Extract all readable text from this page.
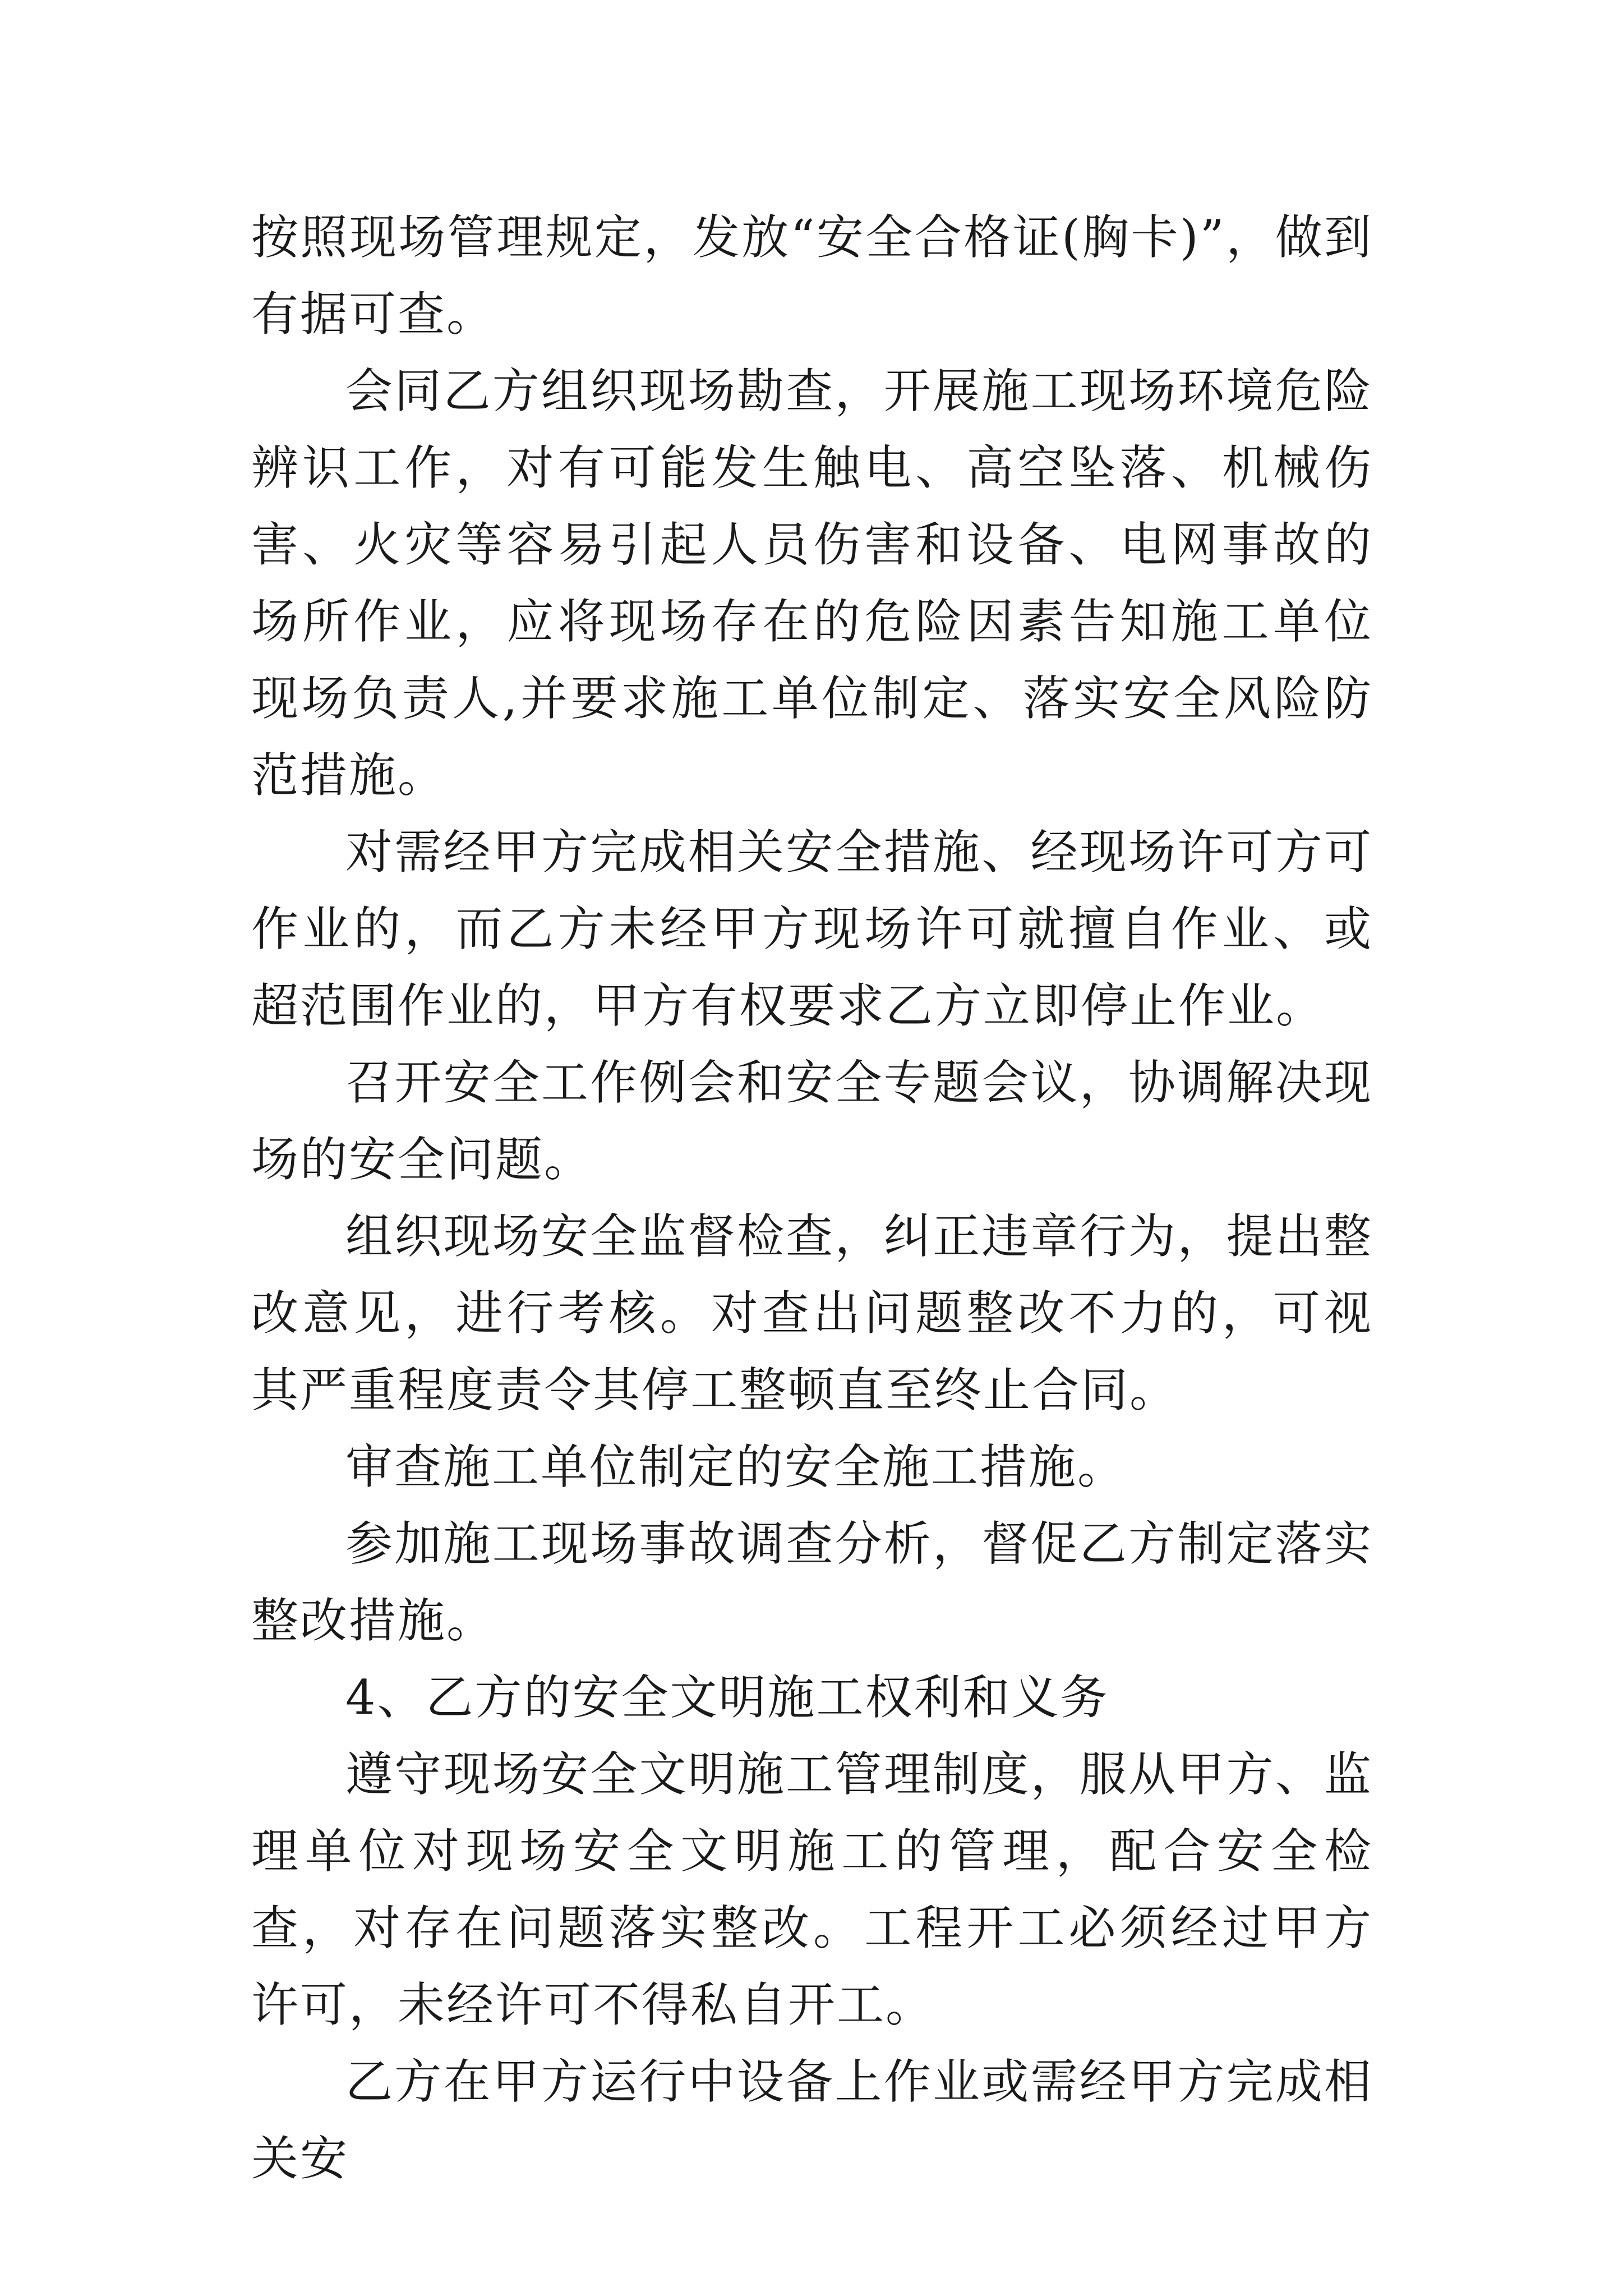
按照现场管理规定，发放“安全合格证(胸卡)”，做到有据可查。

会同乙方组织现场勘查，开展施工现场环境危险辨识工作，对有可能发生触电、高空坠落、机械伤害、火灾等容易引起人员伤害和设备、电网事故的场所作业，应将现场存在的危险因素告知施工单位现场负责人,并要求施工单位制定、落实安全风险防范措施。

对需经甲方完成相关安全措施、经现场许可方可作业的，而乙方未经甲方现场许可就擅自作业、或超范围作业的，甲方有权要求乙方立即停止作业。

召开安全工作例会和安全专题会议，协调解决现场的安全问题。

组织现场安全监督检查，纠正违章行为，提出整改意见，进行考核。对查出问题整改不力的，可视其严重程度责令其停工整顿直至终止合同。

审查施工单位制定的安全施工措施。

参加施工现场事故调查分析，督促乙方制定落实整改措施。

4、乙方的安全文明施工权利和义务

遵守现场安全文明施工管理制度，服从甲方、监理单位对现场安全文明施工的管理，配合安全检查，对存在问题落实整改。工程开工必须经过甲方许可，未经许可不得私自开工。

乙方在甲方运行中设备上作业或需经甲方完成相关安
